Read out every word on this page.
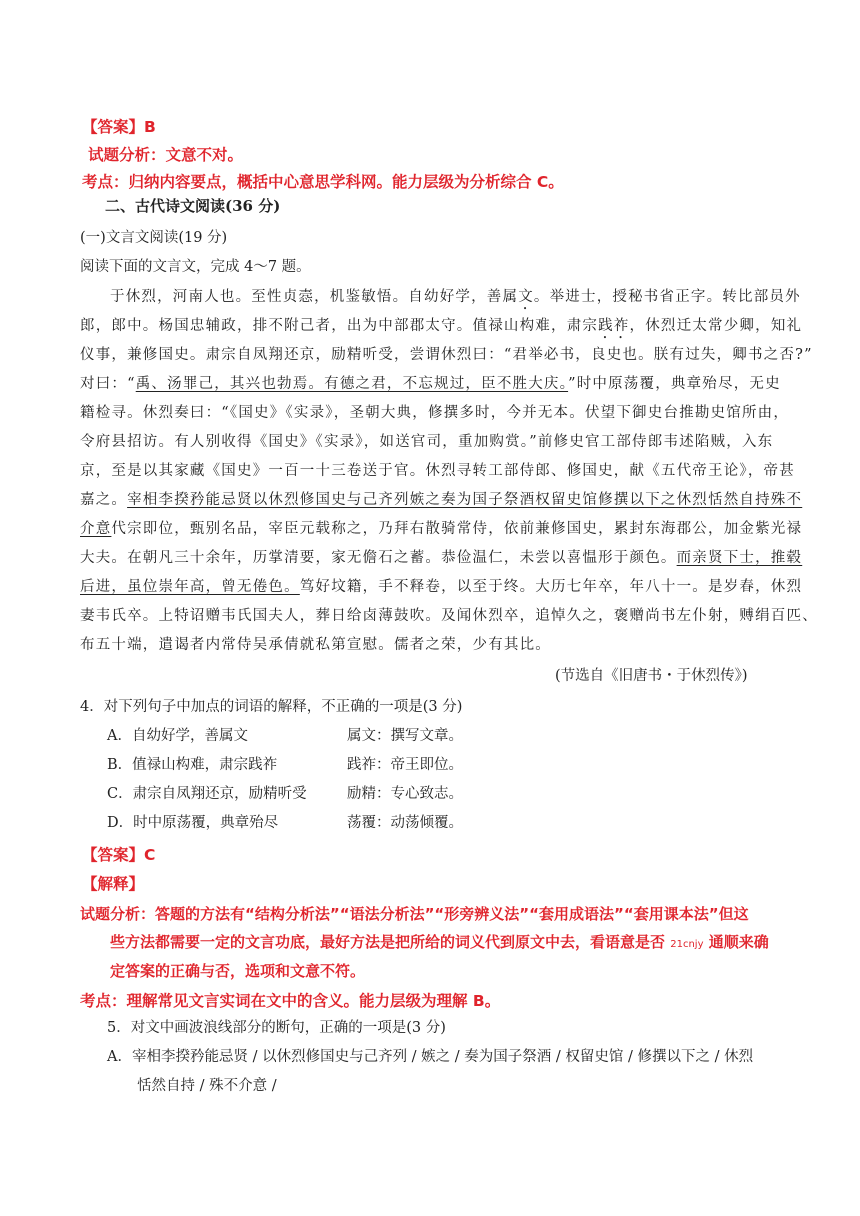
【答案】B
试题分析：文意不对。
考点：归纳内容要点，概括中心意思学科网。能力层级为分析综合 C。
二、古代诗文阅读(36 分)
(一)文言文阅读(19 分)
阅读下面的文言文，完成 4～7 题。
于休烈，河南人也。至性贞悫，机鉴敏悟。自幼好学，善属文。举进士，授秘书省正字。转比部员外
郎，郎中。杨国忠辅政，排不附己者，出为中部郡太守。值禄山构难，肃宗践祚，休烈迁太常少卿，知礼
仪事，兼修国史。肃宗自凤翔还京，励精听受，尝谓休烈曰：“君举必书，良史也。朕有过失，卿书之否?”
对曰：“禹、汤罪己，其兴也勃焉。有德之君，不忘规过，臣不胜大庆。”时中原荡覆，典章殆尽，无史
籍检寻。休烈奏曰：“《国史》《实录》，圣朝大典，修撰多时，今并无本。伏望下御史台推勘史馆所由，
令府县招访。有人别收得《国史》《实录》，如送官司，重加购赏。”前修史官工部侍郎韦述陷贼，入东
京，至是以其家藏《国史》一百一十三卷送于官。休烈寻转工部侍郎、修国史，献《五代帝王论》，帝甚
嘉之。宰相李揆矜能忌贤以休烈修国史与己齐列嫉之奏为国子祭酒权留史馆修撰以下之休烈恬然自持殊不
介意代宗即位，甄别名品，宰臣元载称之，乃拜右散骑常侍，依前兼修国史，累封东海郡公，加金紫光禄
大夫。在朝凡三十余年，历掌清要，家无儋石之蓄。恭俭温仁，未尝以喜愠形于颜色。而亲贤下士，推毂
后进，虽位崇年高，曾无倦色。笃好坟籍，手不释卷，以至于终。大历七年卒，年八十一。是岁春，休烈
妻韦氏卒。上特诏赠韦氏国夫人，葬日给卤薄鼓吹。及闻休烈卒，追悼久之，褒赠尚书左仆射，赙绢百匹、
布五十端，遣谒者内常侍吴承倩就私第宣慰。儒者之荣，少有其比。
(节选自《旧唐书・于休烈传》)
4．对下列句子中加点的词语的解释，不正确的一项是(3 分)
A．自幼好学，善属文	属文：撰写文章。
B．值禄山构难，肃宗践祚	践祚：帝王即位。
C．肃宗自凤翔还京，励精听受	励精：专心致志。
D．时中原荡覆，典章殆尽	荡覆：动荡倾覆。
【答案】C
【解释】
试题分析：答题的方法有“结构分析法”“语法分析法”“形旁辨义法”“套用成语法”“套用课本法”但这
些方法都需要一定的文言功底，最好方法是把所给的词义代到原文中去，看语意是否 21cnjy 通顺来确
定答案的正确与否，选项和文意不符。
考点：理解常见文言实词在文中的含义。能力层级为理解 B。
5．对文中画波浪线部分的断句，正确的一项是(3 分)
A．宰相李揆矜能忌贤 / 以休烈修国史与己齐列 / 嫉之 / 奏为国子祭酒 / 权留史馆 / 修撰以下之 / 休烈
恬然自持 / 殊不介意 /
